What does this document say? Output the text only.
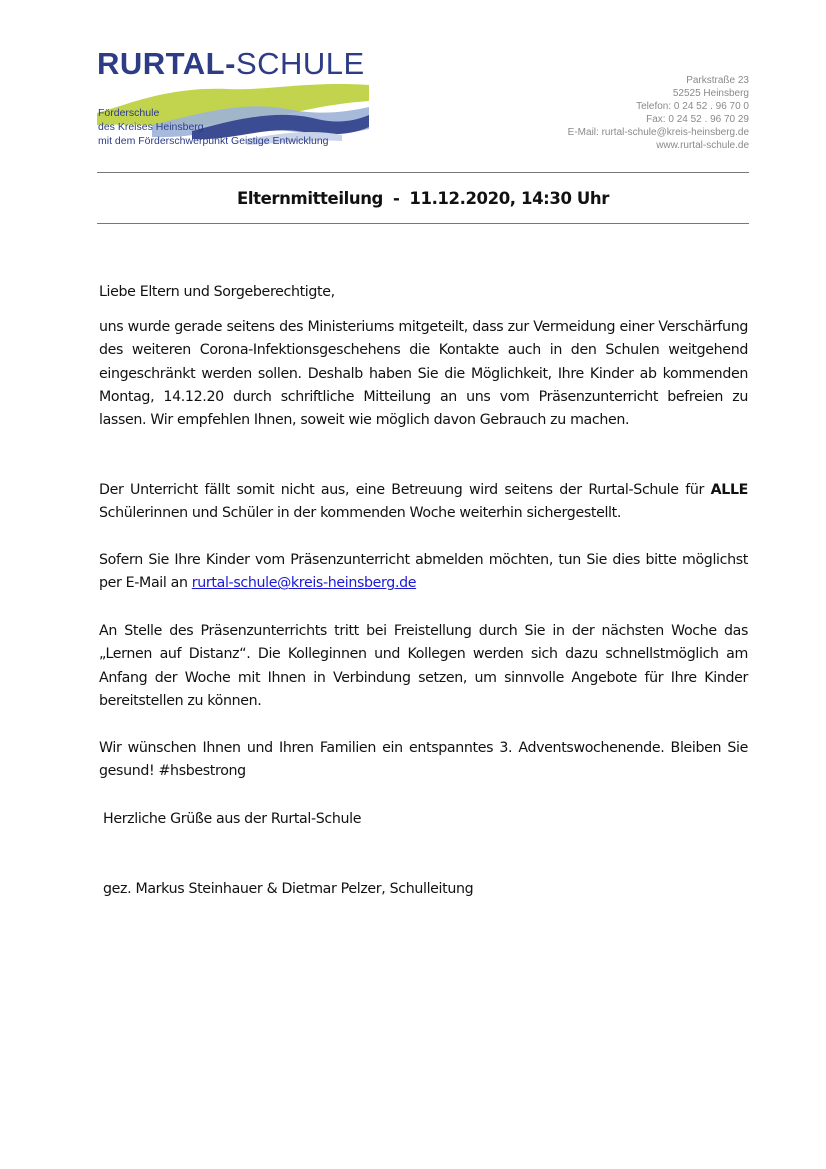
RURTAL-SCHULE
Förderschule
des Kreises Heinsberg
mit dem Förderschwerpunkt Geistige Entwicklung
Parkstraße 23
52525 Heinsberg
Telefon: 0 24 52 . 96 70 0
Fax: 0 24 52 . 96 70 29
E-Mail: rurtal-schule@kreis-heinsberg.de
www.rurtal-schule.de
Elternmitteilung - 11.12.2020, 14:30 Uhr
Liebe Eltern und Sorgeberechtigte,
uns wurde gerade seitens des Ministeriums mitgeteilt, dass zur Vermeidung einer Verschärfung des weiteren Corona-Infektionsgeschehens die Kontakte auch in den Schulen weitgehend eingeschränkt werden sollen. Deshalb haben Sie die Möglichkeit, Ihre Kinder ab kommenden Montag, 14.12.20 durch schriftliche Mitteilung an uns vom Präsenzunterricht befreien zu lassen. Wir empfehlen Ihnen, soweit wie möglich davon Gebrauch zu machen.
Der Unterricht fällt somit nicht aus, eine Betreuung wird seitens der Rurtal-Schule für ALLE Schülerinnen und Schüler in der kommenden Woche weiterhin sichergestellt.
Sofern Sie Ihre Kinder vom Präsenzunterricht abmelden möchten, tun Sie dies bitte möglichst per E-Mail an rurtal-schule@kreis-heinsberg.de
An Stelle des Präsenzunterrichts tritt bei Freistellung durch Sie in der nächsten Woche das „Lernen auf Distanz“. Die Kolleginnen und Kollegen werden sich dazu schnellstmöglich am Anfang der Woche mit Ihnen in Verbindung setzen, um sinnvolle Angebote für Ihre Kinder bereitstellen zu können.
Wir wünschen Ihnen und Ihren Familien ein entspanntes 3. Adventswochenende. Bleiben Sie gesund! #hsbestrong
Herzliche Grüße aus der Rurtal-Schule
gez. Markus Steinhauer & Dietmar Pelzer, Schulleitung
